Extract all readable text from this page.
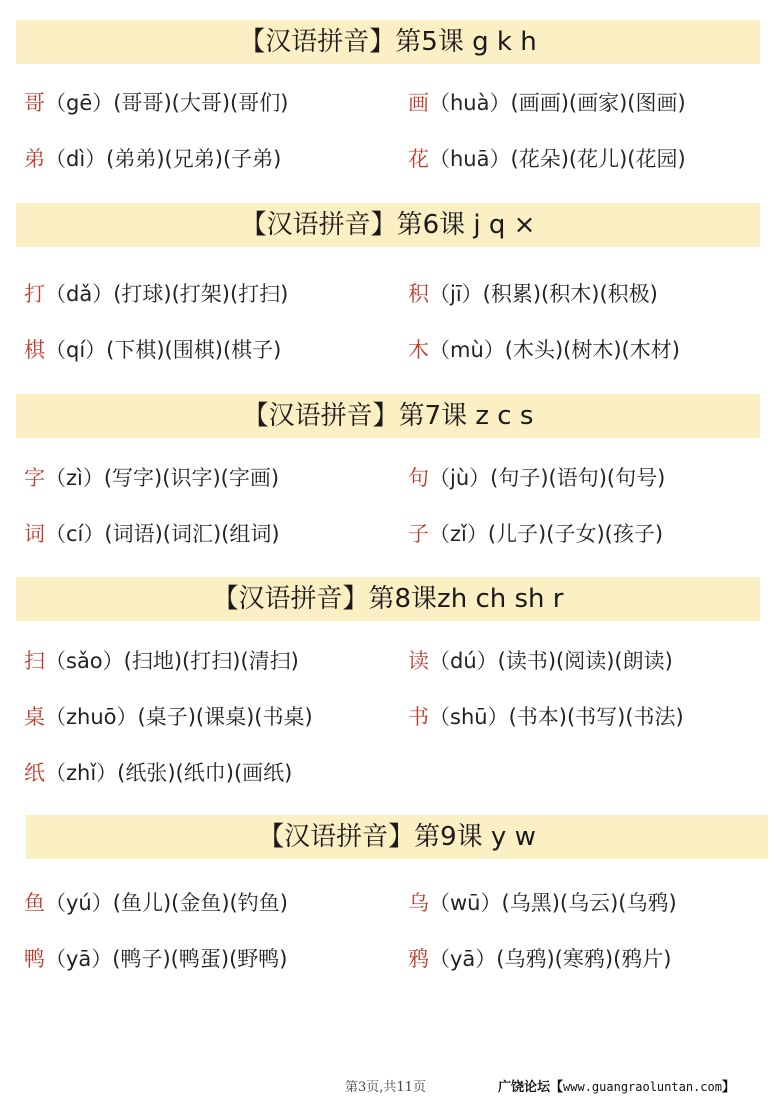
【汉语拼音】第5课 g k h
哥（gē）(哥哥)(大哥)(哥们)	画（huà）(画画)(画家)(图画)
弟（dì）(弟弟)(兄弟)(子弟)	花（huā）(花朵)(花儿)(花园)
【汉语拼音】第6课 j q ×
打（dǎ）(打球)(打架)(打扫)	积（jī）(积累)(积木)(积极)
棋（qí）(下棋)(围棋)(棋子)	木（mù）(木头)(树木)(木材)
【汉语拼音】第7课 z c s
字（zì）(写字)(识字)(字画)	句（jù）(句子)(语句)(句号)
词（cí）(词语)(词汇)(组词)	子（zǐ）(儿子)(子女)(孩子)
【汉语拼音】第8课zh ch sh r
扫（sǎo）(扫地)(打扫)(清扫)	读（dú）(读书)(阅读)(朗读)
桌（zhuō）(桌子)(课桌)(书桌)	书（shū）(书本)(书写)(书法)
纸（zhǐ）(纸张)(纸巾)(画纸)
【汉语拼音】第9课 y w
鱼（yú）(鱼儿)(金鱼)(钓鱼)	乌（wū）(乌黑)(乌云)(乌鸦)
鸭（yā）(鸭子)(鸭蛋)(野鸭)	鸦（yā）(乌鸦)(寒鸦)(鸦片)
第3页,共11页	广饶论坛【www.guangraoluntan.com】
